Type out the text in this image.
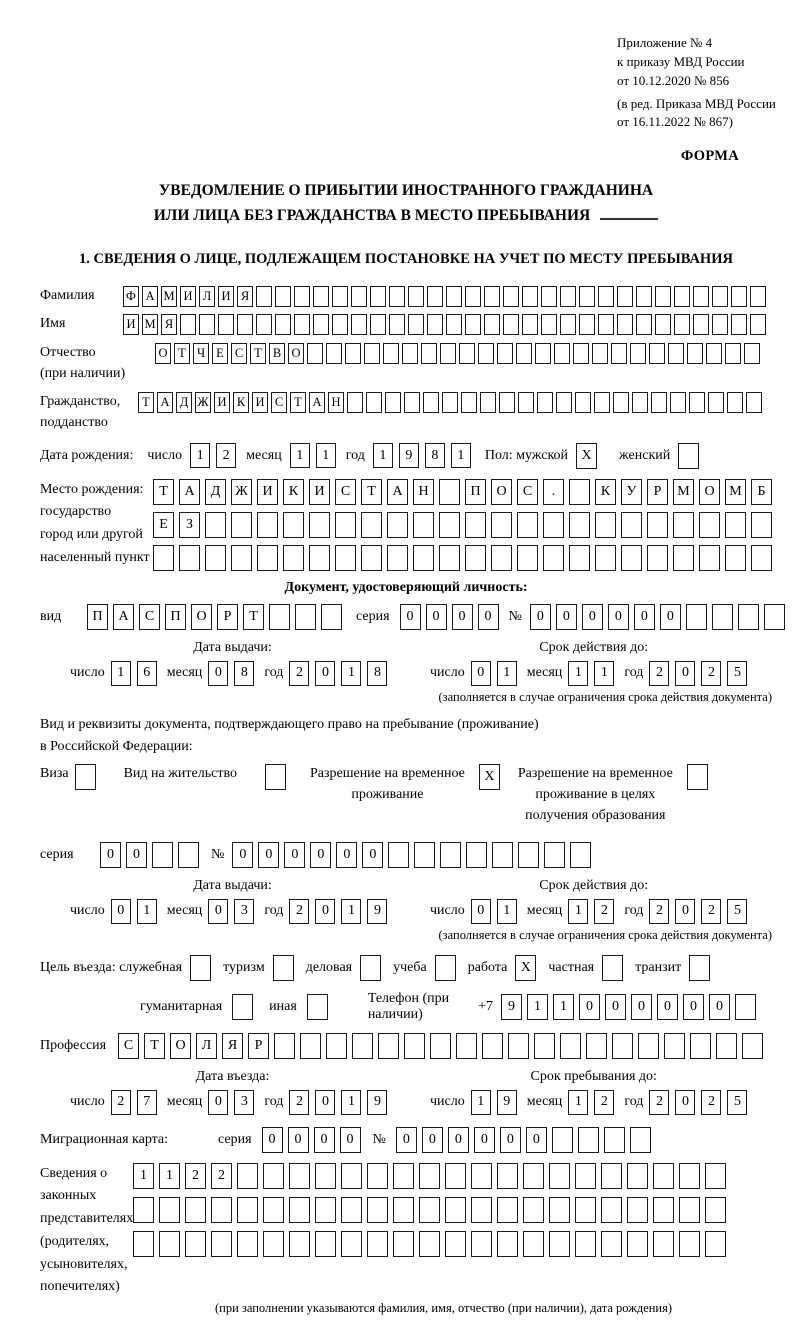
Приложение № 4
к приказу МВД России
от 10.12.2020 № 856
(в ред. Приказа МВД России
от 16.11.2022 № 867)
ФОРМА
УВЕДОМЛЕНИЕ О ПРИБЫТИИ ИНОСТРАННОГО ГРАЖДАНИНА
ИЛИ ЛИЦА БЕЗ ГРАЖДАНСТВА В МЕСТО ПРЕБЫВАНИЯ
1. СВЕДЕНИЯ О ЛИЦЕ, ПОДЛЕЖАЩЕМ ПОСТАНОВКЕ НА УЧЕТ ПО МЕСТУ ПРЕБЫВАНИЯ
Фамилия	Ф А М И Л И Я
Имя	И М Я
Отчество
(при наличии)
О Т Ч Е С Т В О
Гражданство,
подданство
Т А Д Ж И К И С Т А Н
Дата рождения: число	1	2	месяц	1	1	год	1	9	8	1	Пол: мужской X	женский
Место рождения:
государство
город или другой
населенный пункт
Т	А	Д	Ж	И	К	И	С	Т	А	Н	П	О	С	.	К	У	Р	М	О	М	Б
Е	З
Документ, удостоверяющий личность:
вид	П	А	С	П	О	Р	Т	серия	0	0	0	0	№	0	0	0	0	0	0
Дата выдачи:
число 1	6	месяц 0	8	год 2	0	1	8
Срок действия до:
число 0	1	месяц 1	1	год 2	0	2	5
(заполняется в случае ограничения срока действия документа)
Вид и реквизиты документа, подтверждающего право на пребывание (проживание)
в Российской Федерации:
Виза	Вид на жительство	Разрешение на временное
проживание
X	Разрешение на временное
проживание в целях
получения образования
серия	0	0	№	0	0	0	0	0	0
Дата выдачи:
число 0	1	месяц 0	3	год 2	0	1	9
Срок действия до:
число 0	1	месяц 1	2	год 2	0	2	5
(заполняется в случае ограничения срока действия документа)
Цель въезда: служебная	туризм	деловая	учеба	работа X	частная	транзит
гуманитарная	иная
Телефон (при наличии)
+7	9	1	1	0	0	0	0	0	0
Профессия	С	Т	О	Л	Я	Р
Дата въезда:
число 2	7	месяц 0	3	год 2	0	1	9
Срок пребывания до:
число 1	9	месяц 1	2	год 2	0	2	5
Миграционная карта:	серия	0	0	0	0	№	0	0	0	0	0	0
Сведения о
законных
представителях
(родителях,
усыновителях,
попечителях)
1	1	2	2
(при заполнении указываются фамилия, имя, отчество (при наличии), дата рождения)
